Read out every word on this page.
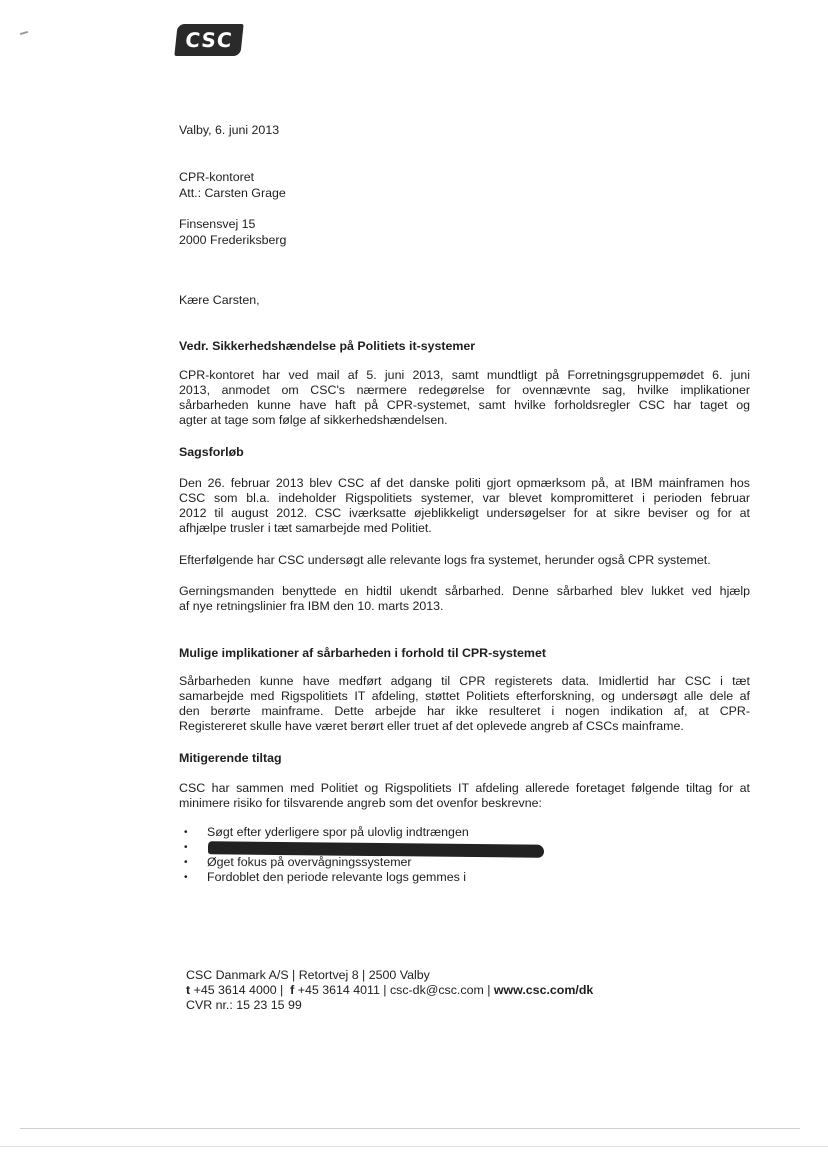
CSC
Valby, 6. juni 2013
CPR-kontoret
Att.: Carsten Grage
Finsensvej 15
2000 Frederiksberg
Kære Carsten,
Vedr. Sikkerhedshændelse på Politiets it-systemer
CPR-kontoret har ved mail af 5. juni 2013, samt mundtligt på Forretningsgruppemødet 6. juni
2013, anmodet om CSC's nærmere redegørelse for ovennævnte sag, hvilke implikationer
sårbarheden kunne have haft på CPR-systemet, samt hvilke forholdsregler CSC har taget og
agter at tage som følge af sikkerhedshændelsen.
Sagsforløb
Den 26. februar 2013 blev CSC af det danske politi gjort opmærksom på, at IBM mainframen hos
CSC som bl.a. indeholder Rigspolitiets systemer, var blevet kompromitteret i perioden februar
2012 til august 2012. CSC iværksatte øjeblikkeligt undersøgelser for at sikre beviser og for at
afhjælpe trusler i tæt samarbejde med Politiet.
Efterfølgende har CSC undersøgt alle relevante logs fra systemet, herunder også CPR systemet.
Gerningsmanden benyttede en hidtil ukendt sårbarhed. Denne sårbarhed blev lukket ved hjælp
af nye retningslinier fra IBM den 10. marts 2013.
Mulige implikationer af sårbarheden i forhold til CPR-systemet
Sårbarheden kunne have medført adgang til CPR registerets data. Imidlertid har CSC i tæt
samarbejde med Rigspolitiets IT afdeling, støttet Politiets efterforskning, og undersøgt alle dele af
den berørte mainframe. Dette arbejde har ikke resulteret i nogen indikation af, at CPR-
Registereret skulle have været berørt eller truet af det oplevede angreb af CSCs mainframe.
Mitigerende tiltag
CSC har sammen med Politiet og Rigspolitiets IT afdeling allerede foretaget følgende tiltag for at
minimere risiko for tilsvarende angreb som det ovenfor beskrevne:
• Søgt efter yderligere spor på ulovlig indtrængen
•
• Øget fokus på overvågningssystemer
• Fordoblet den periode relevante logs gemmes i
CSC Danmark A/S | Retortvej 8 | 2500 Valby
t +45 3614 4000 |  f +45 3614 4011 | csc-dk@csc.com | www.csc.com/dk
CVR nr.: 15 23 15 99
